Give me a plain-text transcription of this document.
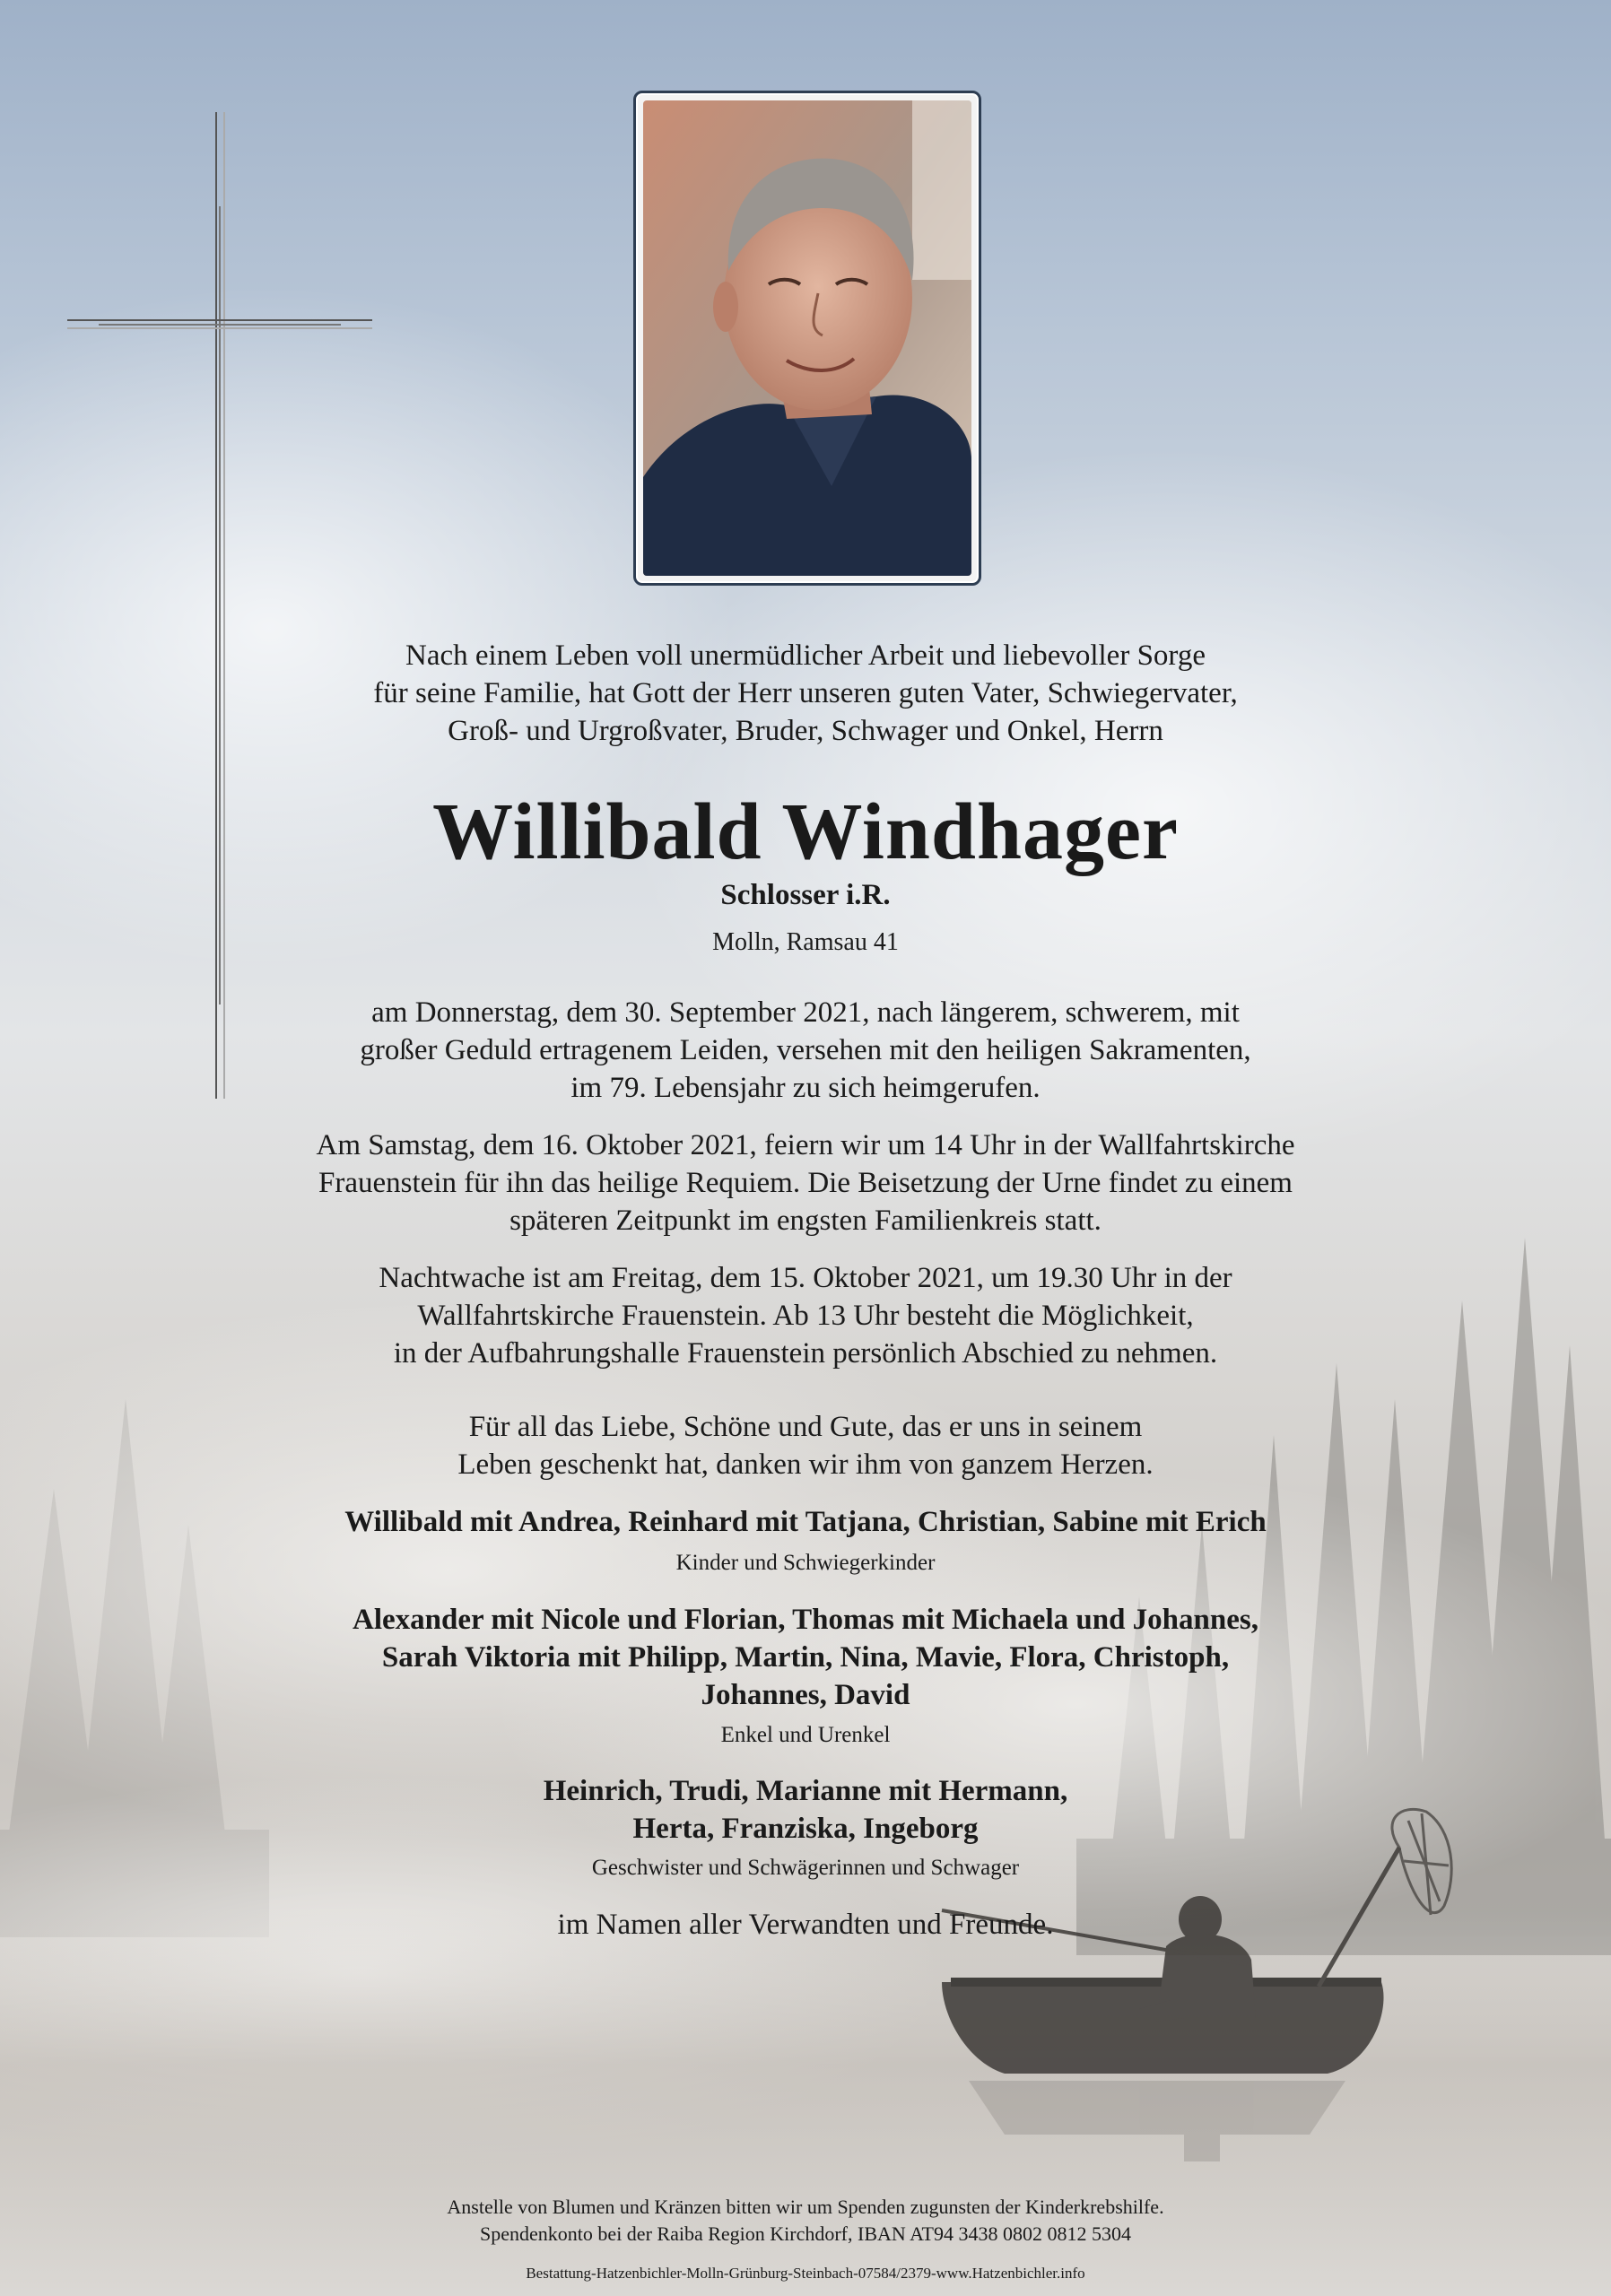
Nach einem Leben voll unermüdlicher Arbeit und liebevoller Sorge
für seine Familie, hat Gott der Herr unseren guten Vater, Schwiegervater,
Groß- und Urgroßvater, Bruder, Schwager und Onkel, Herrn
Willibald Windhager
Schlosser i.R.
Molln, Ramsau 41
am Donnerstag, dem 30. September 2021, nach längerem, schwerem, mit
großer Geduld ertragenem Leiden, versehen mit den heiligen Sakramenten,
im 79. Lebensjahr zu sich heimgerufen.
Am Samstag, dem 16. Oktober 2021, feiern wir um 14 Uhr in der Wallfahrtskirche
Frauenstein für ihn das heilige Requiem. Die Beisetzung der Urne findet zu einem
späteren Zeitpunkt im engsten Familienkreis statt.
Nachtwache ist am Freitag, dem 15. Oktober 2021, um 19.30 Uhr in der
Wallfahrtskirche Frauenstein. Ab 13 Uhr besteht die Möglichkeit,
in der Aufbahrungshalle Frauenstein persönlich Abschied zu nehmen.
Für all das Liebe, Schöne und Gute, das er uns in seinem
Leben geschenkt hat, danken wir ihm von ganzem Herzen.
Willibald mit Andrea, Reinhard mit Tatjana, Christian, Sabine mit Erich
Kinder und Schwiegerkinder
Alexander mit Nicole und Florian, Thomas mit Michaela und Johannes,
Sarah Viktoria mit Philipp, Martin, Nina, Mavie, Flora, Christoph,
Johannes, David
Enkel und Urenkel
Heinrich, Trudi, Marianne mit Hermann,
Herta, Franziska, Ingeborg
Geschwister und Schwägerinnen und Schwager
im Namen aller Verwandten und Freunde.
Anstelle von Blumen und Kränzen bitten wir um Spenden zugunsten der Kinderkrebshilfe.
Spendenkonto bei der Raiba Region Kirchdorf, IBAN AT94 3438 0802 0812 5304
Bestattung-Hatzenbichler-Molln-Grünburg-Steinbach-07584/2379-www.Hatzenbichler.info
